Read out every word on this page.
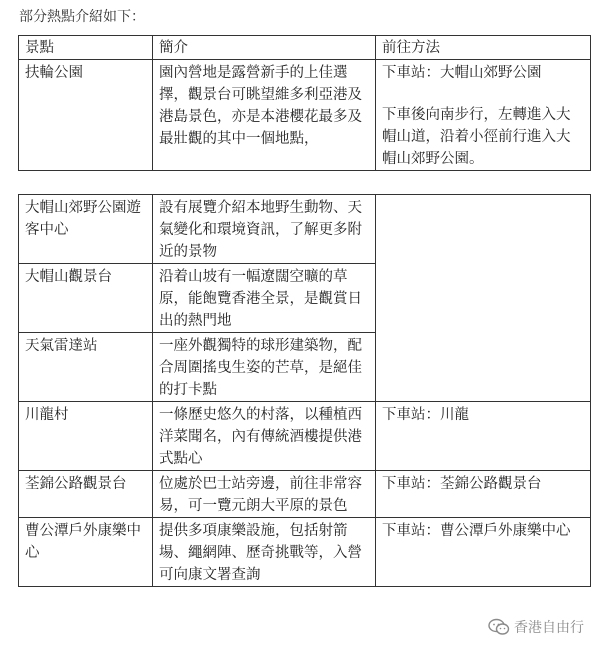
部分熱點介紹如下：
景點	簡介	前往方法
扶輪公園	園內營地是露營新手的上佳選擇，觀景台可眺望維多利亞港及港島景色，亦是本港櫻花最多及最壯觀的其中一個地點，	下車站：大帽山郊野公園
下車後向南步行，左轉進入大帽山道，沿着小徑前行進入大帽山郊野公園。
大帽山郊野公園遊客中心	設有展覽介紹本地野生動物、天氣變化和環境資訊，了解更多附近的景物	
大帽山觀景台	沿着山坡有一幅遼闊空曠的草原，能飽覽香港全景，是觀賞日出的熱門地	
天氣雷達站	一座外觀獨特的球形建築物，配合周圍搖曳生姿的芒草，是絕佳的打卡點	
川龍村	一條歷史悠久的村落，以種植西洋菜聞名，內有傳統酒樓提供港式點心	下車站：川龍
荃錦公路觀景台	位處於巴士站旁邊，前往非常容易，可一覽元朗大平原的景色	下車站：荃錦公路觀景台
曹公潭戶外康樂中心	提供多項康樂設施，包括射箭場、繩網陣、歷奇挑戰等，入營可向康文署查詢	下車站：曹公潭戶外康樂中心
香港自由行
